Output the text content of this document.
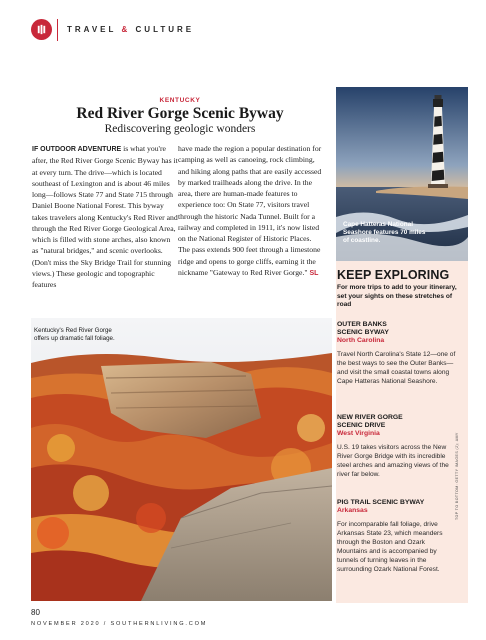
TRAVEL & CULTURE
KENTUCKY
Red River Gorge Scenic Byway
Rediscovering geologic wonders
IF OUTDOOR ADVENTURE is what you're after, the Red River Gorge Scenic Byway has it at every turn. The drive—which is located southeast of Lexington and is about 46 miles long—follows State 77 and State 715 through Daniel Boone National Forest. This byway takes travelers along Kentucky's Red River and through the Red River Gorge Geological Area, which is filled with stone arches, also known as "natural bridges," and scenic overlooks. (Don't miss the Sky Bridge Trail for stunning views.) These geologic and topographic features
have made the region a popular destination for camping as well as canoeing, rock climbing, and hiking along paths that are easily accessed by marked trailheads along the drive. In the area, there are human-made features to experience too: On State 77, visitors travel through the historic Nada Tunnel. Built for a railway and completed in 1911, it's now listed on the National Register of Historic Places. The pass extends 900 feet through a limestone ridge and opens to gorge cliffs, earning it the nickname "Gateway to Red River Gorge." SL
Cape Hatteras National Seashore features 70 miles of coastline.
KEEP EXPLORING
For more trips to add to your itinerary, set your sights on these stretches of road
OUTER BANKS
SCENIC BYWAY
North Carolina
Travel North Carolina's State 12—one of the best ways to see the Outer Banks—and visit the small coastal towns along Cape Hatteras National Seashore.
NEW RIVER GORGE
SCENIC DRIVE
West Virginia
U.S. 19 takes visitors across the New River Gorge Bridge with its incredible steel arches and amazing views of the river far below.
PIG TRAIL SCENIC BYWAY
Arkansas
For incomparable fall foliage, drive Arkansas State 23, which meanders through the Boston and Ozark Mountains and is accompanied by tunnels of turning leaves in the surrounding Ozark National Forest.
TOP TO BOTTOM: GETTY IMAGES (2); AMY
Kentucky's Red River Gorge offers up dramatic fall foliage.
80
NOVEMBER 2020 / SOUTHERNLIVING.COM
